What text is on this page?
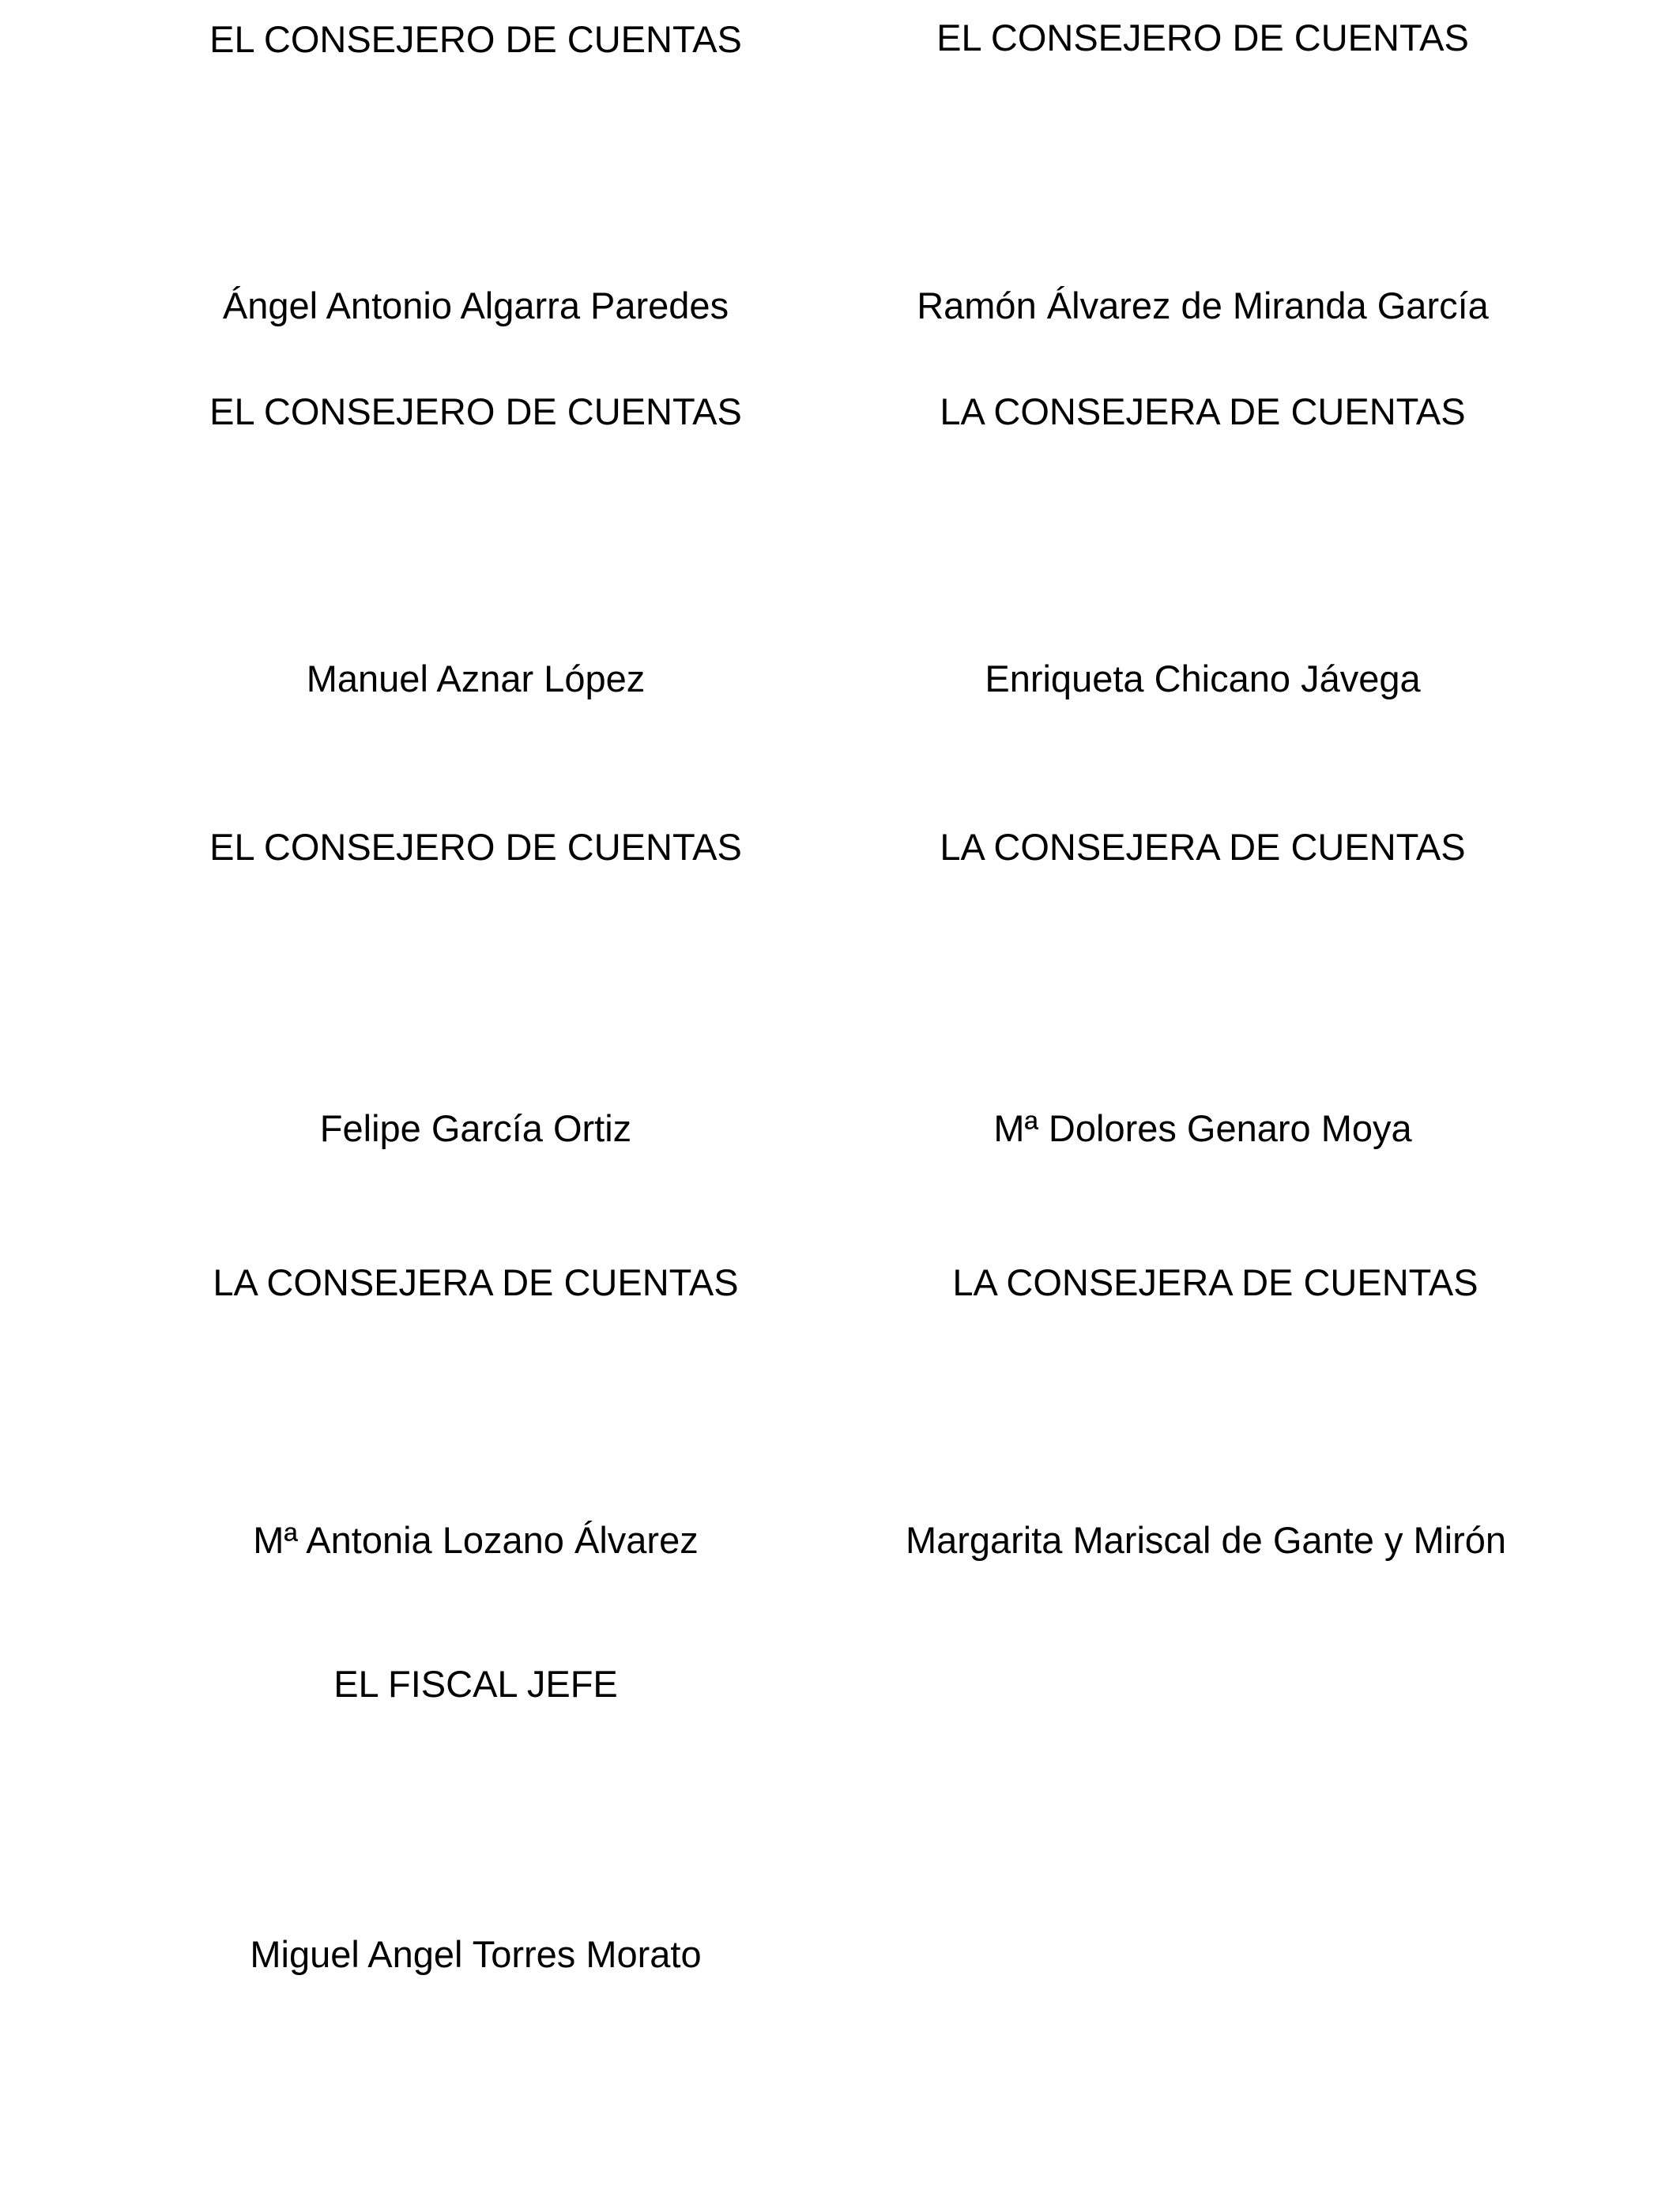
EL CONSEJERO DE CUENTAS
Ángel Antonio Algarra Paredes
EL CONSEJERO DE CUENTAS
Ramón Álvarez de Miranda García
EL CONSEJERO DE CUENTAS
Manuel Aznar López
LA CONSEJERA DE CUENTAS
Enriqueta Chicano Jávega
EL CONSEJERO DE CUENTAS
Felipe García Ortiz
LA CONSEJERA DE CUENTAS
Mª Dolores Genaro Moya
LA CONSEJERA DE CUENTAS
Mª Antonia Lozano Álvarez
LA CONSEJERA DE CUENTAS
Margarita Mariscal de Gante y Mirón
EL FISCAL JEFE
Miguel Angel Torres Morato
